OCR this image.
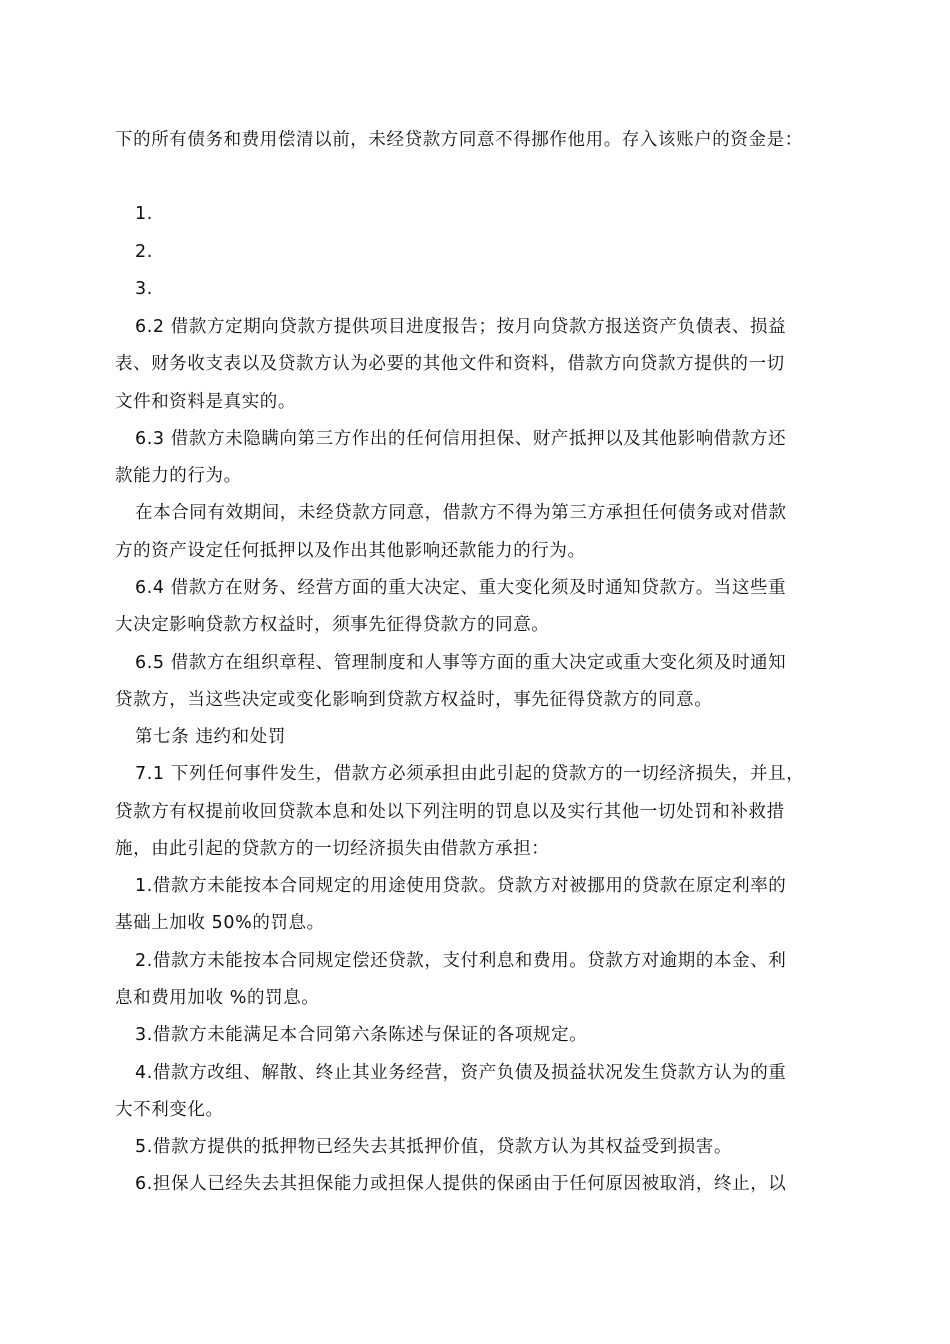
下的所有债务和费用偿清以前，未经贷款方同意不得挪作他用。存入该账户的资金是：
1.
2.
3.
6.2 借款方定期向贷款方提供项目进度报告；按月向贷款方报送资产负债表、损益
表、财务收支表以及贷款方认为必要的其他文件和资料，借款方向贷款方提供的一切
文件和资料是真实的。
6.3 借款方未隐瞒向第三方作出的任何信用担保、财产抵押以及其他影响借款方还
款能力的行为。
在本合同有效期间，未经贷款方同意，借款方不得为第三方承担任何债务或对借款
方的资产设定任何抵押以及作出其他影响还款能力的行为。
6.4 借款方在财务、经营方面的重大决定、重大变化须及时通知贷款方。当这些重
大决定影响贷款方权益时，须事先征得贷款方的同意。
6.5 借款方在组织章程、管理制度和人事等方面的重大决定或重大变化须及时通知
贷款方，当这些决定或变化影响到贷款方权益时，事先征得贷款方的同意。
第七条 违约和处罚
7.1 下列任何事件发生，借款方必须承担由此引起的贷款方的一切经济损失，并且，
贷款方有权提前收回贷款本息和处以下列注明的罚息以及实行其他一切处罚和补救措
施，由此引起的贷款方的一切经济损失由借款方承担：
1.借款方未能按本合同规定的用途使用贷款。贷款方对被挪用的贷款在原定利率的
基础上加收 50%的罚息。
2.借款方未能按本合同规定偿还贷款，支付利息和费用。贷款方对逾期的本金、利
息和费用加收 %的罚息。
3.借款方未能满足本合同第六条陈述与保证的各项规定。
4.借款方改组、解散、终止其业务经营，资产负债及损益状况发生贷款方认为的重
大不利变化。
5.借款方提供的抵押物已经失去其抵押价值，贷款方认为其权益受到损害。
6.担保人已经失去其担保能力或担保人提供的保函由于任何原因被取消，终止，以
